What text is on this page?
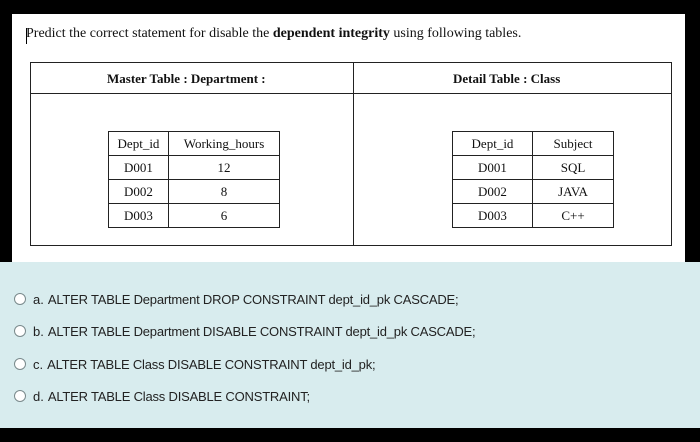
Predict the correct statement for disable the dependent integrity using following tables.
Master Table : Department :	Detail Table : Class
Dept_id	Working_hours
D001	12
D002	8
D003	6
Dept_id	Subject
D001	SQL
D002	JAVA
D003	C++
a. ALTER TABLE Department DROP CONSTRAINT dept_id_pk CASCADE;
b. ALTER TABLE Department DISABLE CONSTRAINT dept_id_pk CASCADE;
c. ALTER TABLE Class DISABLE CONSTRAINT dept_id_pk;
d. ALTER TABLE Class DISABLE CONSTRAINT;
